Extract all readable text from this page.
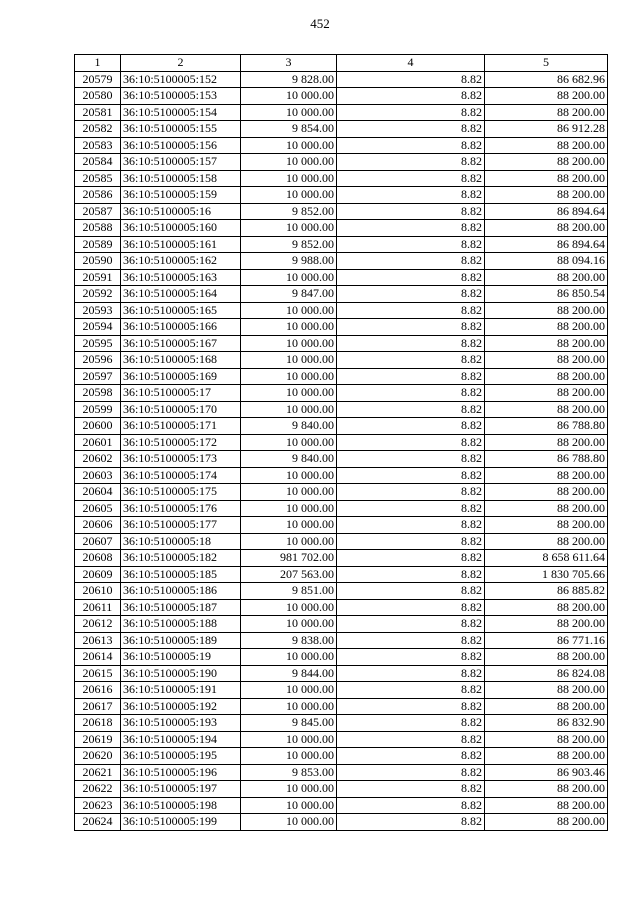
452
1	2	3	4	5
20579	36:10:5100005:152	9 828.00	8.82	86 682.96
20580	36:10:5100005:153	10 000.00	8.82	88 200.00
20581	36:10:5100005:154	10 000.00	8.82	88 200.00
20582	36:10:5100005:155	9 854.00	8.82	86 912.28
20583	36:10:5100005:156	10 000.00	8.82	88 200.00
20584	36:10:5100005:157	10 000.00	8.82	88 200.00
20585	36:10:5100005:158	10 000.00	8.82	88 200.00
20586	36:10:5100005:159	10 000.00	8.82	88 200.00
20587	36:10:5100005:16	9 852.00	8.82	86 894.64
20588	36:10:5100005:160	10 000.00	8.82	88 200.00
20589	36:10:5100005:161	9 852.00	8.82	86 894.64
20590	36:10:5100005:162	9 988.00	8.82	88 094.16
20591	36:10:5100005:163	10 000.00	8.82	88 200.00
20592	36:10:5100005:164	9 847.00	8.82	86 850.54
20593	36:10:5100005:165	10 000.00	8.82	88 200.00
20594	36:10:5100005:166	10 000.00	8.82	88 200.00
20595	36:10:5100005:167	10 000.00	8.82	88 200.00
20596	36:10:5100005:168	10 000.00	8.82	88 200.00
20597	36:10:5100005:169	10 000.00	8.82	88 200.00
20598	36:10:5100005:17	10 000.00	8.82	88 200.00
20599	36:10:5100005:170	10 000.00	8.82	88 200.00
20600	36:10:5100005:171	9 840.00	8.82	86 788.80
20601	36:10:5100005:172	10 000.00	8.82	88 200.00
20602	36:10:5100005:173	9 840.00	8.82	86 788.80
20603	36:10:5100005:174	10 000.00	8.82	88 200.00
20604	36:10:5100005:175	10 000.00	8.82	88 200.00
20605	36:10:5100005:176	10 000.00	8.82	88 200.00
20606	36:10:5100005:177	10 000.00	8.82	88 200.00
20607	36:10:5100005:18	10 000.00	8.82	88 200.00
20608	36:10:5100005:182	981 702.00	8.82	8 658 611.64
20609	36:10:5100005:185	207 563.00	8.82	1 830 705.66
20610	36:10:5100005:186	9 851.00	8.82	86 885.82
20611	36:10:5100005:187	10 000.00	8.82	88 200.00
20612	36:10:5100005:188	10 000.00	8.82	88 200.00
20613	36:10:5100005:189	9 838.00	8.82	86 771.16
20614	36:10:5100005:19	10 000.00	8.82	88 200.00
20615	36:10:5100005:190	9 844.00	8.82	86 824.08
20616	36:10:5100005:191	10 000.00	8.82	88 200.00
20617	36:10:5100005:192	10 000.00	8.82	88 200.00
20618	36:10:5100005:193	9 845.00	8.82	86 832.90
20619	36:10:5100005:194	10 000.00	8.82	88 200.00
20620	36:10:5100005:195	10 000.00	8.82	88 200.00
20621	36:10:5100005:196	9 853.00	8.82	86 903.46
20622	36:10:5100005:197	10 000.00	8.82	88 200.00
20623	36:10:5100005:198	10 000.00	8.82	88 200.00
20624	36:10:5100005:199	10 000.00	8.82	88 200.00
